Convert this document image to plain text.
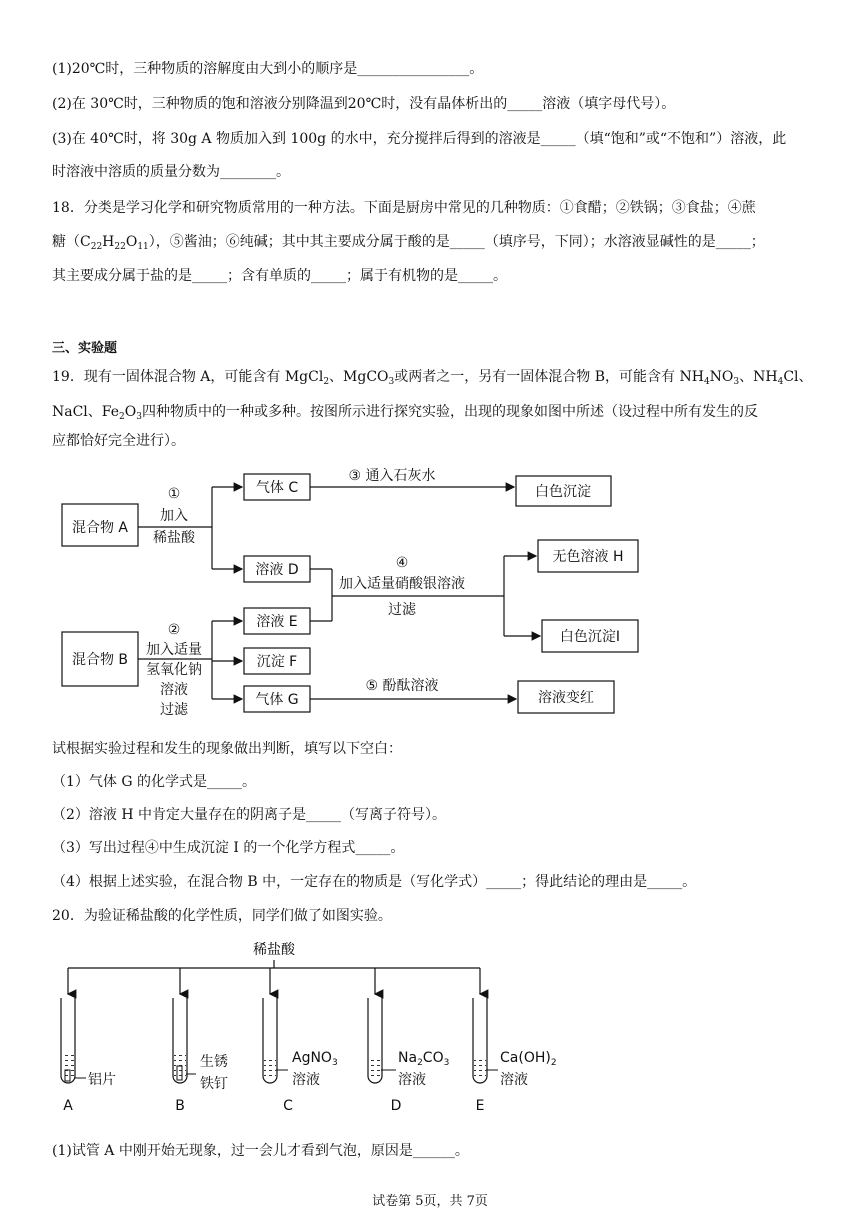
(1)20℃时，三种物质的溶解度由大到小的顺序是________________。
(2)在 30℃时，三种物质的饱和溶液分别降温到20℃时，没有晶体析出的_____溶液（填字母代号）。
(3)在 40℃时，将 30g A 物质加入到 100g 的水中，充分搅拌后得到的溶液是_____（填“饱和”或“不饱和”）溶液，此
时溶液中溶质的质量分数为________。
18．分类是学习化学和研究物质常用的一种方法。下面是厨房中常见的几种物质：①食醋；②铁锅；③食盐；④蔗
糖$(C_{22}H_{22}O_{11})$，⑤酱油；⑥纯碱；其中其主要成分属于酸的是_____（填序号，下同）；水溶液显碱性的是_____；
其主要成分属于盐的是_____；含有单质的_____；属于有机物的是_____。
三、实验题
19．现有一固体混合物 A，可能含有 MgCl$_2$、MgCO$_3$或两者之一，另有一固体混合物 B，可能含有 $NH_4NO_3$、$NH_4Cl$、
NaCl、$Fe_2O_3$四种物质中的一种或多种。按图所示进行探究实验，出现的现象如图中所述（设过程中所有发生的反
应都恰好完全进行）。
混合物 A
气体 C	白色沉淀
溶液 D
无色溶液 H
溶液 E
白色沉淀I
混合物 B	沉淀 F
气体 G	溶液变红
①
加入
稀盐酸
③ 通入石灰水
④
加入适量硝酸银溶液
过滤
②
加入适量
氢氧化钠
溶液
过滤
⑤ 酚酞溶液
试根据实验过程和发生的现象做出判断，填写以下空白：
（1）气体 G 的化学式是_____。
（2）溶液 H 中肯定大量存在的阴离子是_____（写离子符号）。
（3）写出过程④中生成沉淀 I 的一个化学方程式_____。
（4）根据上述实验，在混合物 B 中，一定存在的物质是（写化学式）_____；得此结论的理由是_____。
20．为验证稀盐酸的化学性质，同学们做了如图实验。
稀盐酸
铝片
生锈
铁钉
AgNO$_3$
溶液
$Na_2CO_3$
溶液
$Ca(OH)_2$
溶液
A	B	C	D	E
(1)试管 A 中刚开始无现象，过一会儿才看到气泡，原因是______。
试卷第 5页，共 7页
